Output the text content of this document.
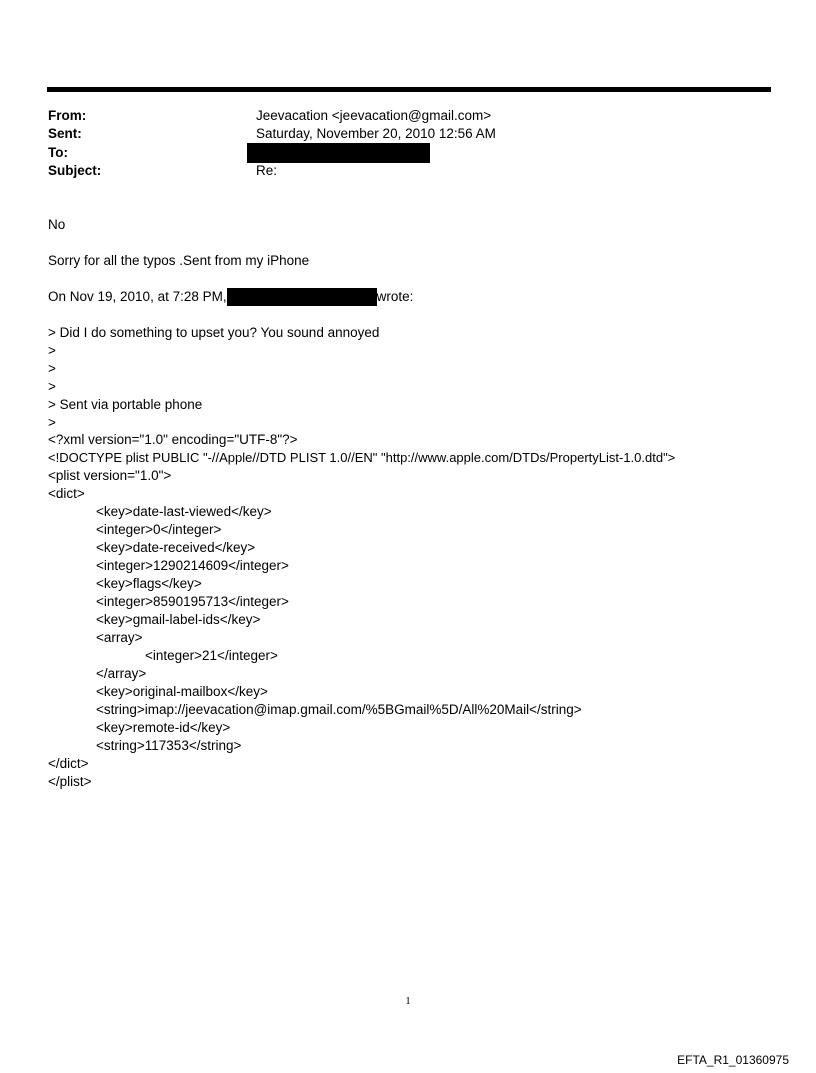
From:	Jeevacation <jeevacation@gmail.com>
Sent:	Saturday, November 20, 2010 12:56 AM
To:
Subject:	Re:
No
Sorry for all the typos .Sent from my iPhone
On Nov 19, 2010, at 7:28 PM,	wrote:
> Did I do something to upset you? You sound annoyed
>
>
>
> Sent via portable phone
>
<?xml version="1.0" encoding="UTF-8"?>
<!DOCTYPE plist PUBLIC "-//Apple//DTD PLIST 1.0//EN" "http://www.apple.com/DTDs/PropertyList-1.0.dtd">
<plist version="1.0">
<dict>
<key>date-last-viewed</key>
<integer>0</integer>
<key>date-received</key>
<integer>1290214609</integer>
<key>flags</key>
<integer>8590195713</integer>
<key>gmail-label-ids</key>
<array>
<integer>21</integer>
</array>
<key>original-mailbox</key>
<string>imap://jeevacation@imap.gmail.com/%5BGmail%5D/All%20Mail</string>
<key>remote-id</key>
<string>117353</string>
</dict>
</plist>
1
EFTA_R1_01360975
